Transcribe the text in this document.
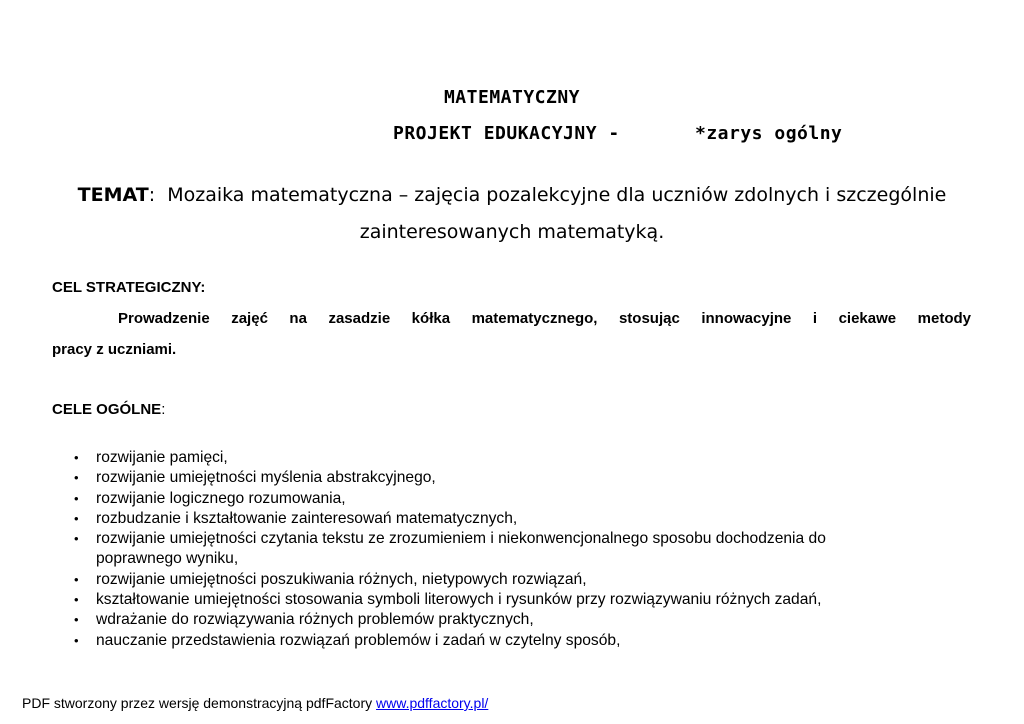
MATEMATYCZNY
PROJEKT EDUKACYJNY -	*zarys ogólny
TEMAT: Mozaika matematyczna – zajęcia pozalekcyjne dla uczniów zdolnych i szczególnie
zainteresowanych matematyką.
CEL STRATEGICZNY:
Prowadzenie zajęć na zasadzie kółka matematycznego, stosując innowacyjne i ciekawe metody
pracy z uczniami.
CELE OGÓLNE:
• rozwijanie pamięci,
• rozwijanie umiejętności myślenia abstrakcyjnego,
• rozwijanie logicznego rozumowania,
• rozbudzanie i kształtowanie zainteresowań matematycznych,
• rozwijanie umiejętności czytania tekstu ze zrozumieniem i niekonwencjonalnego sposobu dochodzenia do
poprawnego wyniku,
• rozwijanie umiejętności poszukiwania różnych, nietypowych rozwiązań,
• kształtowanie umiejętności stosowania symboli literowych i rysunków przy rozwiązywaniu różnych zadań,
• wdrażanie do rozwiązywania różnych problemów praktycznych,
• nauczanie przedstawienia rozwiązań problemów i zadań w czytelny sposób,
PDF stworzony przez wersję demonstracyjną pdfFactory www.pdffactory.pl/
